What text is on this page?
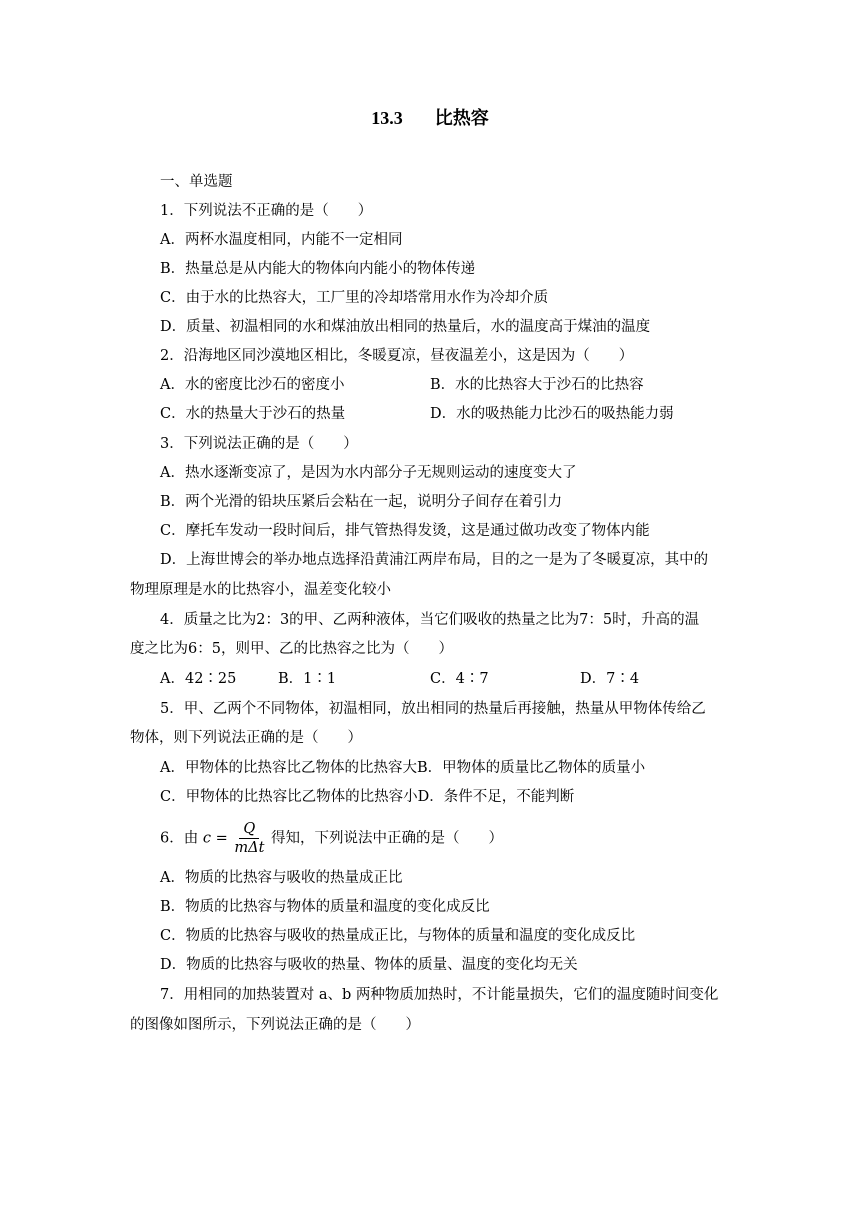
13.3 比热容
一、单选题
1．下列说法不正确的是（　　）
A．两杯水温度相同，内能不一定相同
B．热量总是从内能大的物体向内能小的物体传递
C．由于水的比热容大，工厂里的冷却塔常用水作为冷却介质
D．质量、初温相同的水和煤油放出相同的热量后，水的温度高于煤油的温度
2．沿海地区同沙漠地区相比，冬暖夏凉，昼夜温差小，这是因为（　　）
A．水的密度比沙石的密度小	B．水的比热容大于沙石的比热容
C．水的热量大于沙石的热量	D．水的吸热能力比沙石的吸热能力弱
3．下列说法正确的是（　　）
A．热水逐渐变凉了，是因为水内部分子无规则运动的速度变大了
B．两个光滑的铅块压紧后会粘在一起，说明分子间存在着引力
C．摩托车发动一段时间后，排气管热得发烫，这是通过做功改变了物体内能
D．上海世博会的举办地点选择沿黄浦江两岸布局，目的之一是为了冬暖夏凉，其中的
物理原理是水的比热容小，温差变化较小
4．质量之比为2：3的甲、乙两种液体，当它们吸收的热量之比为7：5时，升高的温
度之比为6：5，则甲、乙的比热容之比为（　　）
A．42∶25	B．1∶1	C．4∶7	D．7∶4
5．甲、乙两个不同物体，初温相同，放出相同的热量后再接触，热量从甲物体传给乙
物体，则下列说法正确的是（　　）
A．甲物体的比热容比乙物体的比热容大B．甲物体的质量比乙物体的质量小
C．甲物体的比热容比乙物体的比热容小D．条件不足，不能判断
6．由 $c = \frac{Q}{\text{mΔt}}$ 得知，下列说法中正确的是（　　）
A．物质的比热容与吸收的热量成正比
B．物质的比热容与物体的质量和温度的变化成反比
C．物质的比热容与吸收的热量成正比，与物体的质量和温度的变化成反比
D．物质的比热容与吸收的热量、物体的质量、温度的变化均无关
7．用相同的加热装置对 a、b 两种物质加热时，不计能量损失，它们的温度随时间变化
的图像如图所示，下列说法正确的是（　　）
